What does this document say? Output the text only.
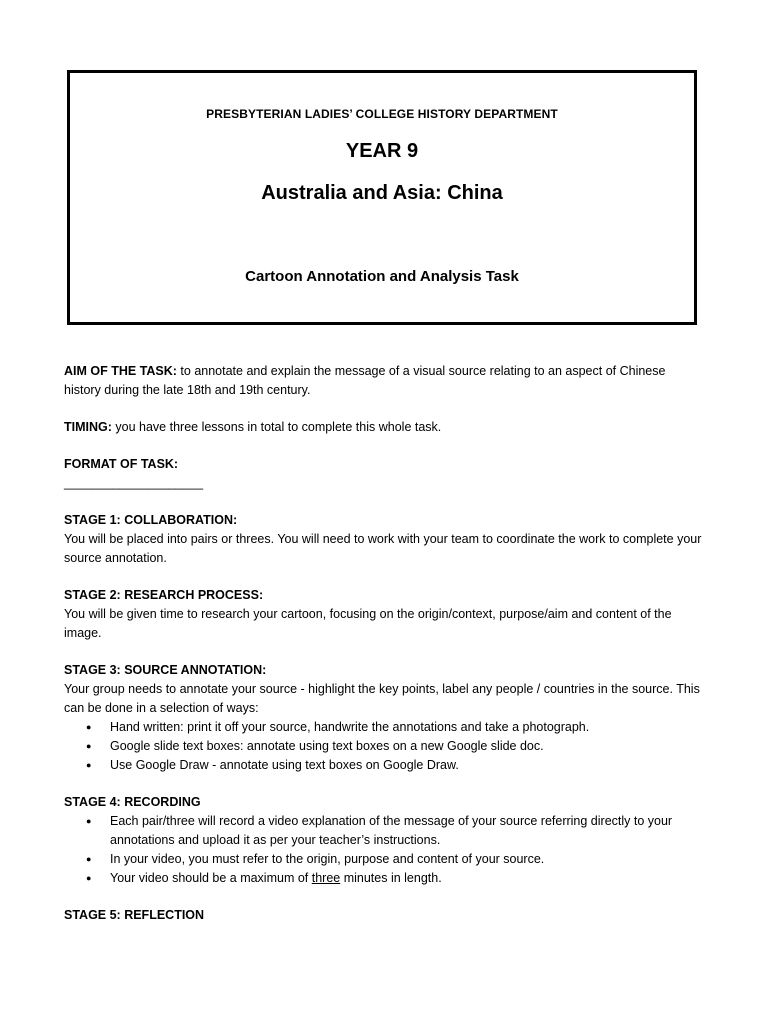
PRESBYTERIAN LADIES’ COLLEGE HISTORY DEPARTMENT
YEAR 9
Australia and Asia: China
Cartoon Annotation and Analysis Task

AIM OF THE TASK: to annotate and explain the message of a visual source relating to an aspect of Chinese history during the late 18th and 19th century.

TIMING: you have three lessons in total to complete this whole task.

FORMAT OF TASK:
____________________

STAGE 1: COLLABORATION:
You will be placed into pairs or threes. You will need to work with your team to coordinate the work to complete your source annotation.

STAGE 2: RESEARCH PROCESS:
You will be given time to research your cartoon, focusing on the origin/context, purpose/aim and content of the image.

STAGE 3: SOURCE ANNOTATION:
Your group needs to annotate your source - highlight the key points, label any people / countries in the source. This can be done in a selection of ways:
● Hand written: print it off your source, handwrite the annotations and take a photograph.
● Google slide text boxes: annotate using text boxes on a new Google slide doc.
● Use Google Draw - annotate using text boxes on Google Draw.
STAGE 4: RECORDING
● Each pair/three will record a video explanation of the message of your source referring directly to your annotations and upload it as per your teacher’s instructions.
● In your video, you must refer to the origin, purpose and content of your source.
● Your video should be a maximum of three minutes in length.
STAGE 5: REFLECTION
